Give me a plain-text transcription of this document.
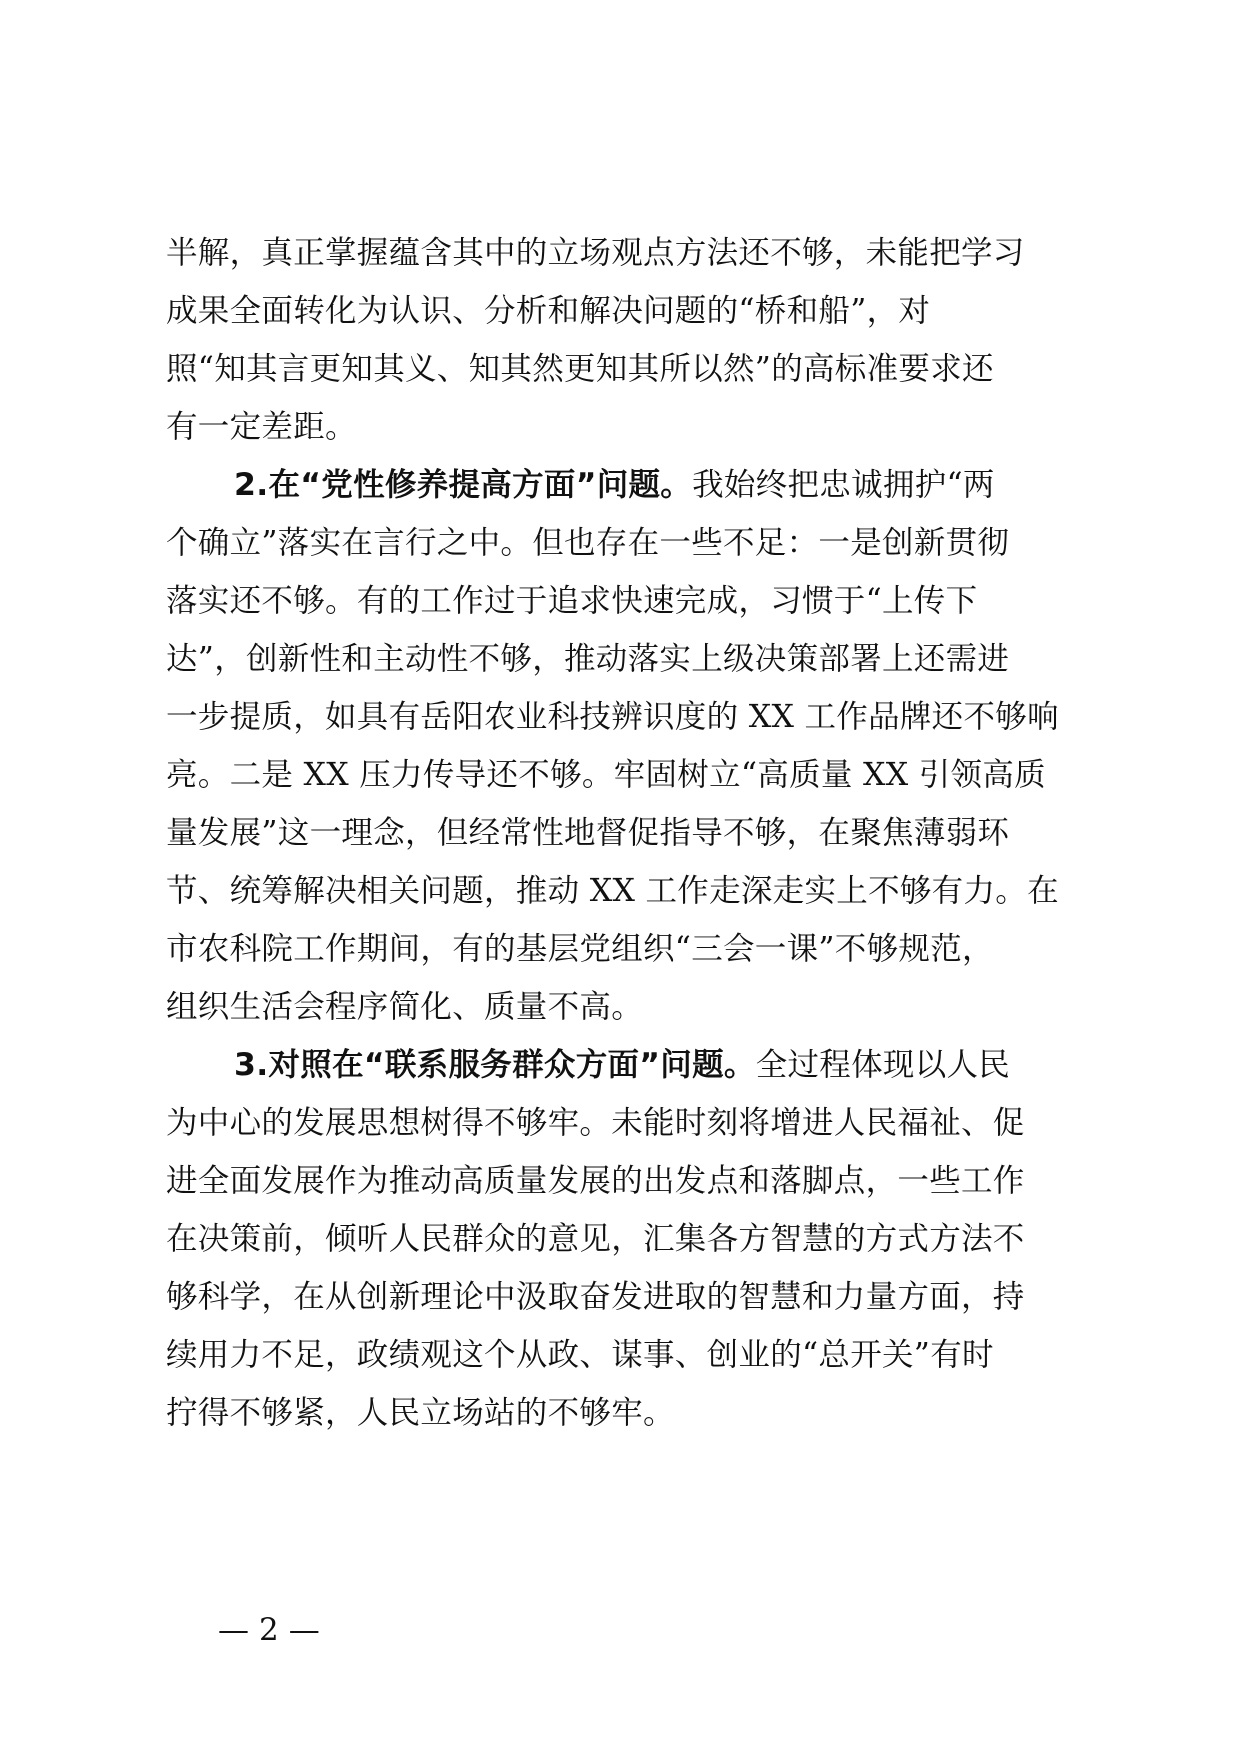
半解，真正掌握蕴含其中的立场观点方法还不够，未能把学习
成果全面转化为认识、分析和解决问题的“桥和船”，对
照“知其言更知其义、知其然更知其所以然”的高标准要求还
有一定差距。
2.在“党性修养提高方面”问题。我始终把忠诚拥护“两
个确立”落实在言行之中。但也存在一些不足：一是创新贯彻
落实还不够。有的工作过于追求快速完成，习惯于“上传下
达”，创新性和主动性不够，推动落实上级决策部署上还需进
一步提质，如具有岳阳农业科技辨识度的 XX 工作品牌还不够响
亮。二是 XX 压力传导还不够。牢固树立“高质量 XX 引领高质
量发展”这一理念，但经常性地督促指导不够，在聚焦薄弱环
节、统筹解决相关问题，推动 XX 工作走深走实上不够有力。在
市农科院工作期间，有的基层党组织“三会一课”不够规范，
组织生活会程序简化、质量不高。
3.对照在“联系服务群众方面”问题。全过程体现以人民
为中心的发展思想树得不够牢。未能时刻将增进人民福祉、促
进全面发展作为推动高质量发展的出发点和落脚点，一些工作
在决策前，倾听人民群众的意见，汇集各方智慧的方式方法不
够科学，在从创新理论中汲取奋发进取的智慧和力量方面，持
续用力不足，政绩观这个从政、谋事、创业的“总开关”有时
拧得不够紧，人民立场站的不够牢。
— 2 —
